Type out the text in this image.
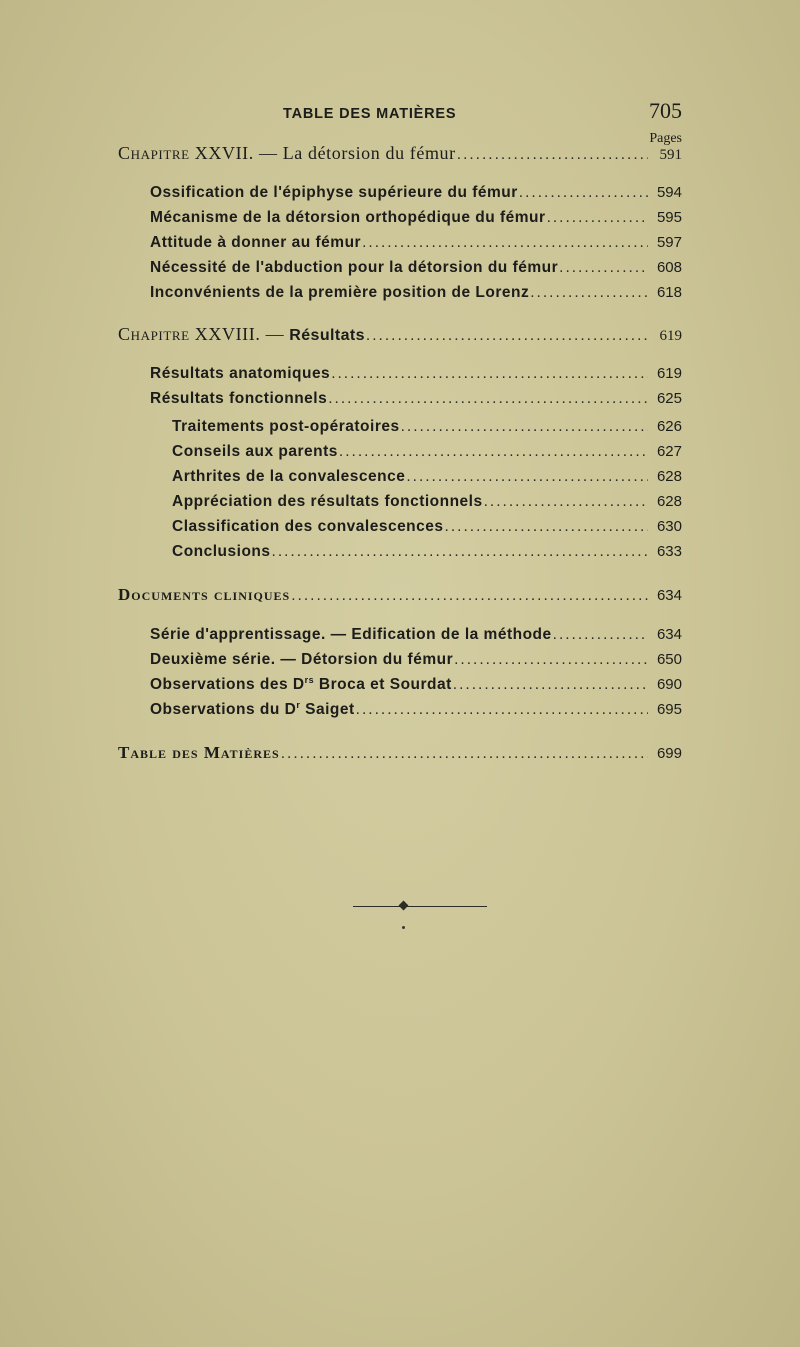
TABLE DES MATIÈRES	705
Pages
Chapitre XXVII. — La détorsion du fémur .....	591
Ossification de l'épiphyse supérieure du fémur .....	594
Mécanisme de la détorsion orthopédique du fémur .....	595
Attitude à donner au fémur .....	597
Nécessité de l'abduction pour la détorsion du fémur .....	608
Inconvénients de la première position de Lorenz .....	618
Chapitre XXVIII. — Résultats .....	619
Résultats anatomiques .....	619
Résultats fonctionnels .....	625
Traitements post-opératoires .....	626
Conseils aux parents .....	627
Arthrites de la convalescence .....	628
Appréciation des résultats fonctionnels .....	628
Classification des convalescences .....	630
Conclusions .....	633
Documents cliniques .....	634
Série d'apprentissage. — Edification de la méthode .....	634
Deuxième série. — Détorsion du fémur .....	650
Observations des $D^{rs}$ Broca et Sourdat .....	690
Observations du $D^r$ Saiget .....	695
Table des Matières .....	699
